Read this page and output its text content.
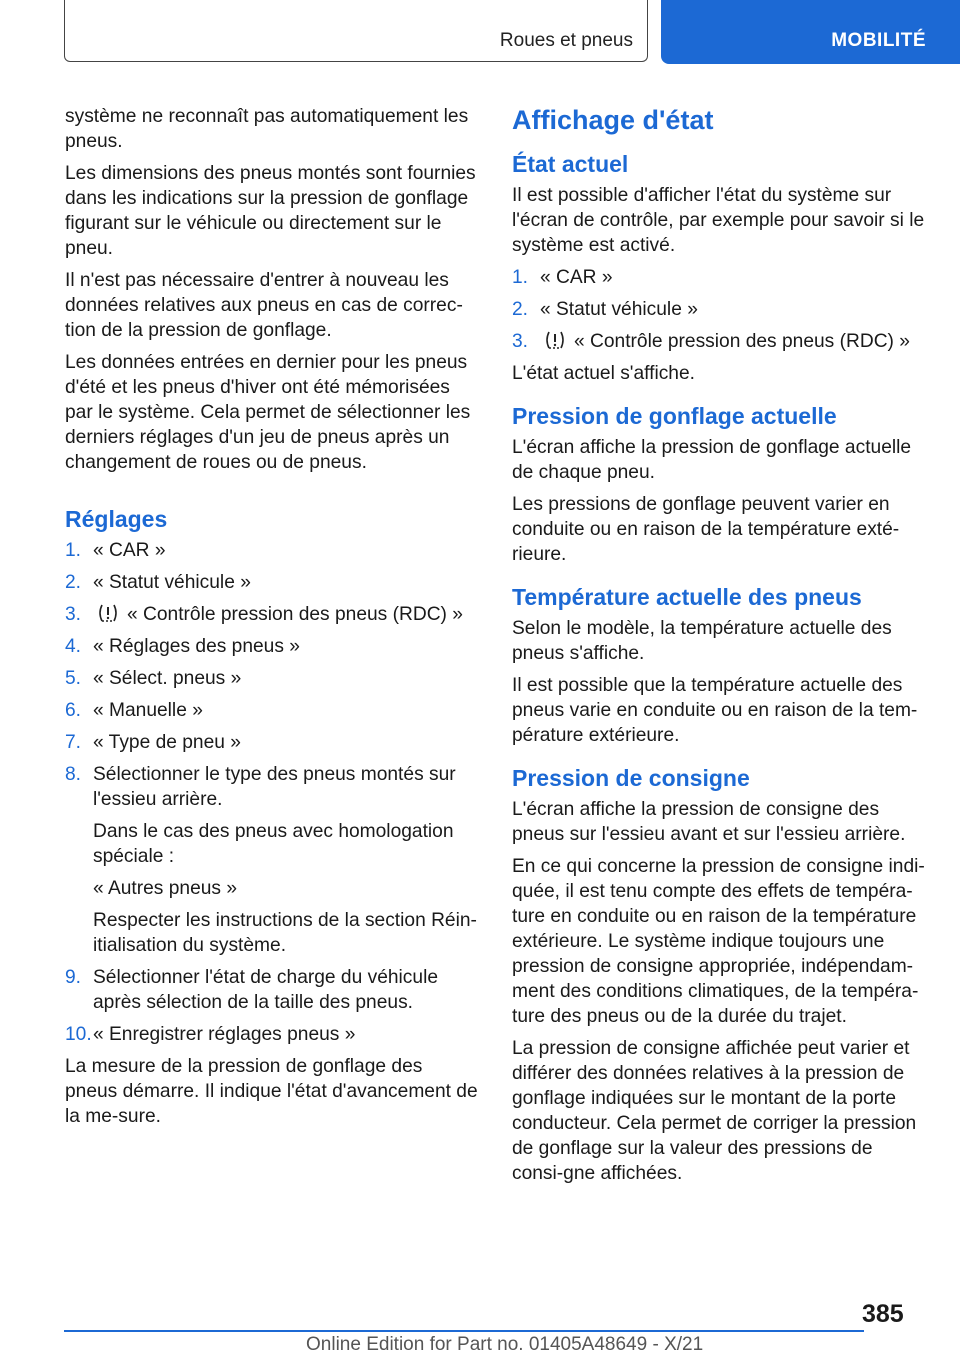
Roues et pneus	MOBILITÉ

système ne reconnaît pas automatiquement les pneus.

Les dimensions des pneus montés sont fournies dans les indications sur la pression de gonflage figurant sur le véhicule ou directement sur le pneu.

Il n'est pas nécessaire d'entrer à nouveau les données relatives aux pneus en cas de correc‐tion de la pression de gonflage.

Les données entrées en dernier pour les pneus d'été et les pneus d'hiver ont été mémorisées par le système. Cela permet de sélectionner les derniers réglages d'un jeu de pneus après un changement de roues ou de pneus.

Réglages
1. « CAR »
2. « Statut véhicule »
3. « Contrôle pression des pneus (RDC) »
4. « Réglages des pneus »
5. « Sélect. pneus »
6. « Manuelle »
7. « Type de pneu »
8. Sélectionner le type des pneus montés sur l'essieu arrière.
Dans le cas des pneus avec homologation spéciale :
« Autres pneus »
Respecter les instructions de la section Réin‐itialisation du système.
9. Sélectionner l'état de charge du véhicule après sélection de la taille des pneus.
10. « Enregistrer réglages pneus »

La mesure de la pression de gonflage des pneus démarre. Il indique l'état d'avancement de la me‐sure.

Affichage d'état
État actuel

Il est possible d'afficher l'état du système sur l'écran de contrôle, par exemple pour savoir si le système est activé.

1. « CAR »
2. « Statut véhicule »
3. « Contrôle pression des pneus (RDC) »

L'état actuel s'affiche.

Pression de gonflage actuelle

L'écran affiche la pression de gonflage actuelle de chaque pneu.

Les pressions de gonflage peuvent varier en conduite ou en raison de la température exté‐rieure.

Température actuelle des pneus

Selon le modèle, la température actuelle des pneus s'affiche.

Il est possible que la température actuelle des pneus varie en conduite ou en raison de la tem‐pérature extérieure.

Pression de consigne

L'écran affiche la pression de consigne des pneus sur l'essieu avant et sur l'essieu arrière.

En ce qui concerne la pression de consigne indi‐quée, il est tenu compte des effets de tempéra‐ture en conduite ou en raison de la température extérieure. Le système indique toujours une pression de consigne appropriée, indépendam‐ment des conditions climatiques, de la tempéra‐ture des pneus ou de la durée du trajet.

La pression de consigne affichée peut varier et différer des données relatives à la pression de gonflage indiquées sur le montant de la porte conducteur. Cela permet de corriger la pression de gonflage sur la valeur des pressions de consi‐gne affichées.

385
Online Edition for Part no. 01405A48649 - X/21
